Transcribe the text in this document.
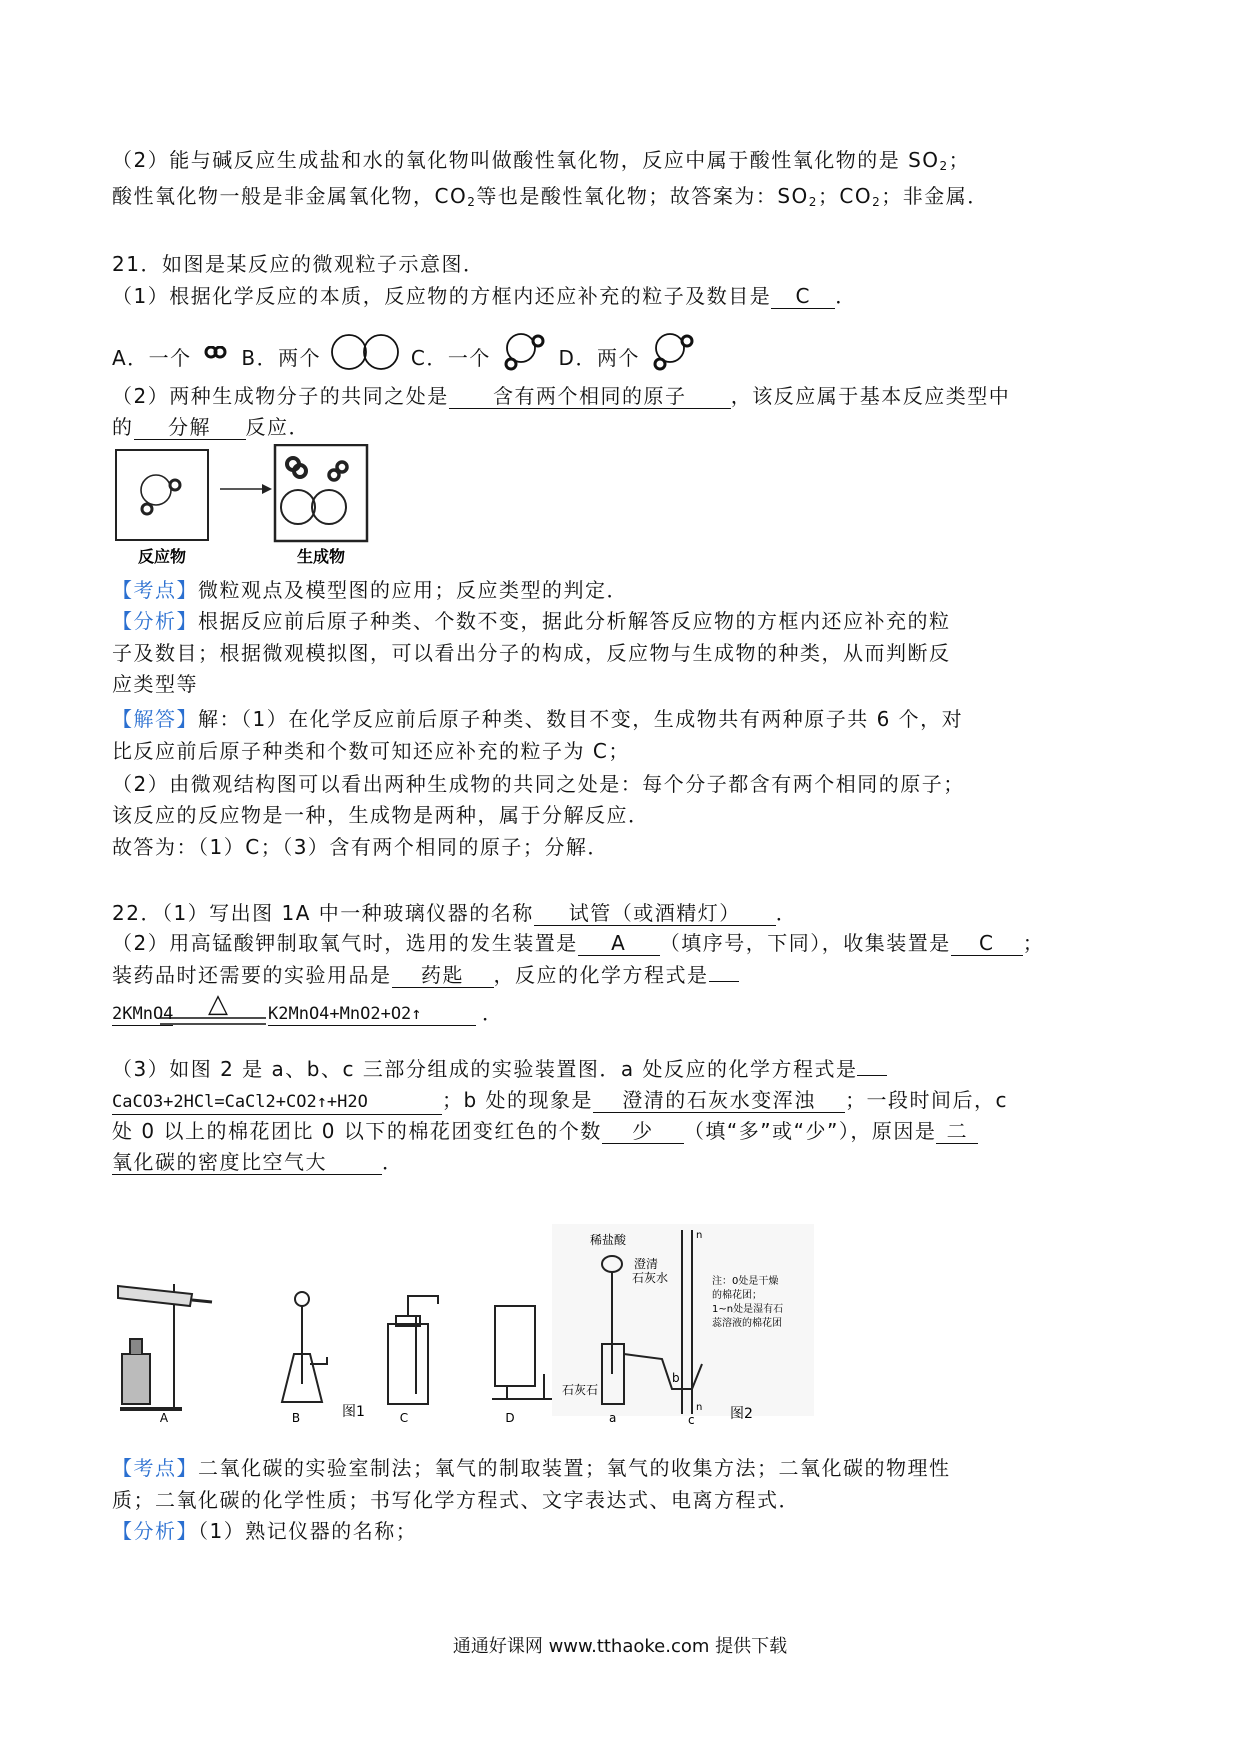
（2）能与碱反应生成盐和水的氧化物叫做酸性氧化物，反应中属于酸性氧化物的是 $SO_2$；
酸性氧化物一般是非金属氧化物，$CO_2$等也是酸性氧化物；故答案为：$SO_2$；$CO_2$；非金属．
21．如图是某反应的微观粒子示意图．
（1）根据化学反应的本质，反应物的方框内还应补充的粒子及数目是 C ．
A．一个 B．两个	C．一个	D．两个
（2）两种生成物分子的共同之处是 含有两个相同的原子 ，该反应属于基本反应类型中
的 分解 反应．
反应物	生成物
【考点】微粒观点及模型图的应用；反应类型的判定．
【分析】根据反应前后原子种类、个数不变，据此分析解答反应物的方框内还应补充的粒
子及数目；根据微观模拟图，可以看出分子的构成，反应物与生成物的种类，从而判断反
应类型等
【解答】解：（1）在化学反应前后原子种类、数目不变，生成物共有两种原子共 6 个，对
比反应前后原子种类和个数可知还应补充的粒子为 C；
（2）由微观结构图可以看出两种生成物的共同之处是：每个分子都含有两个相同的原子；
该反应的反应物是一种，生成物是两种，属于分解反应．
故答为：（1）C；（3）含有两个相同的原子；分解．
22．（1）写出图 1A 中一种玻璃仪器的名称 试管（或酒精灯） ．
（2）用高锰酸钾制取氧气时，选用的发生装置是 A （填序号，下同），收集装置是 C ；
装药品时还需要的实验用品是 药匙 ，反应的化学方程式是
△
2KMnO4	K2MnO4+MnO2+O2↑	．
（3）如图 2 是 a、b、c 三部分组成的实验装置图．a 处反应的化学方程式是
CaCO3+2HCl=CaCl2+CO2↑+H2O	；b 处的现象是 澄清的石灰水变浑浊 ；一段时间后，c
处 0 以上的棉花团比 0 以下的棉花团变红色的个数 少 （填“多”或“少”），原因是 二
氧化碳的密度比空气大	．
A	B	C	D
图1
稀盐酸
澄清
石灰水
石灰石
a
b
c
n
n
注：0处是干燥
的棉花团；
1~n处是湿有石
蕊溶液的棉花团
图2
【考点】二氧化碳的实验室制法；氧气的制取装置；氧气的收集方法；二氧化碳的物理性
质；二氧化碳的化学性质；书写化学方程式、文字表达式、电离方程式．
【分析】（1）熟记仪器的名称；
通通好课网 www.tthaoke.com 提供下载
